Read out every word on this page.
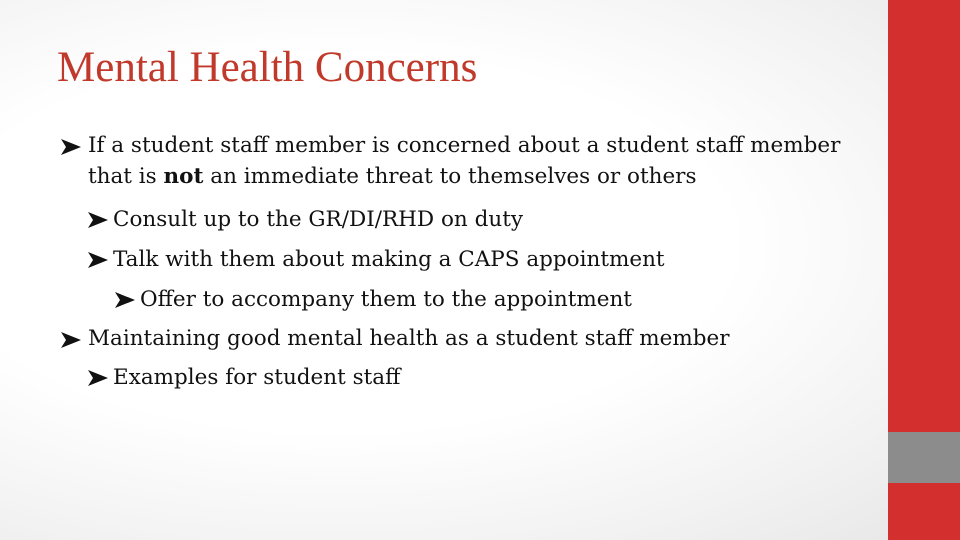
Mental Health Concerns
If a student staff member is concerned about a student staff member that is not an immediate threat to themselves or others
Consult up to the GR/DI/RHD on duty
Talk with them about making a CAPS appointment
Offer to accompany them to the appointment
Maintaining good mental health as a student staff member
Examples for student staff
